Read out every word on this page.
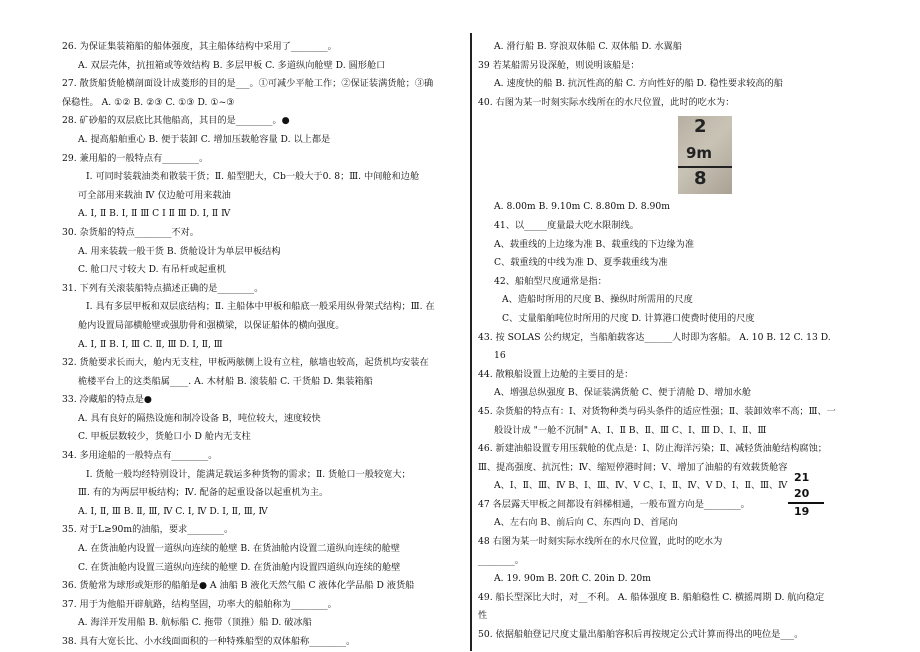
26. 为保证集装箱船的船体强度，其主船体结构中采用了________。
A. 双层壳体，抗扭箱或等效结构 B. 多层甲板 C. 多道纵向舱壁 D. 圆形舱口
27. 散货船货舱横剖面设计成菱形的目的是___。①可减少平舱工作；②保证装满货舱；③确
保稳性。 A. ①② B. ②③ C. ①③ D. ①~③
28. 矿砂船的双层底比其他船高，其目的是________。●
A. 提高船舶重心 B. 便于装卸 C. 增加压载舱容量 D. 以上都是
29. 兼用船的一般特点有________。
Ⅰ. 可同时装载油类和散装干货；Ⅱ. 船型肥大，Cb一般大于0. 8；Ⅲ. 中间舱和边舱
可全部用来载油 Ⅳ 仅边舱可用来载油
A. Ⅰ, Ⅱ B. Ⅰ, Ⅱ Ⅲ C Ⅰ Ⅱ Ⅲ D. Ⅰ, Ⅱ Ⅳ
30. 杂货船的特点________不对。
A. 用来装载一般干货 B. 货舱设计为单层甲板结构
C. 舱口尺寸较大 D. 有吊杆或起重机
31. 下列有关滚装船特点描述正确的是________。
Ⅰ. 具有多层甲板和双层底结构；Ⅱ. 主船体中甲板和船底一般采用纵骨架式结构；Ⅲ. 在
舱内设置局部横舱壁或强肋骨和强横梁，以保证船体的横向强度。
A. Ⅰ, Ⅱ B. Ⅰ, Ⅲ C. Ⅱ, Ⅲ D. Ⅰ, Ⅱ, Ⅲ
32. 货舱要求长而大，舱内无支柱，甲板两舷侧上设有立柱，舷墙也较高，起货机均安装在
桅楼平台上的这类船属____. A. 木材船 B. 滚装船 C. 干货船 D. 集装箱船
33. 冷藏船的特点是●
A. 具有良好的隔热设施和制冷设备 B，吨位较大，速度较快
C. 甲板层数较少，货舱口小 D 舱内无支柱
34. 多用途船的一般特点有________。
Ⅰ. 货舱一般均经特别设计，能满足载运多种货物的需求；Ⅱ. 货舱口一般较宽大；
Ⅲ. 有的为两层甲板结构；Ⅳ. 配备的起重设备以起重机为主。
A. Ⅰ, Ⅱ, Ⅲ B. Ⅱ, Ⅲ, Ⅳ C. Ⅰ, Ⅳ D. Ⅰ, Ⅱ, Ⅲ, Ⅳ
35. 对于L≥90m的油船，要求________。
A. 在货油舱内设置一道纵向连续的舱壁 B. 在货油舱内设置二道纵向连续的舱壁
C. 在货油舱内设置三道纵向连续的舱壁 D. 在货油舱内设置四道纵向连续的舱壁
36. 货舱常为球形或矩形的船舶是● A 油船 B 液化天然气船 C 液体化学品船 D 液货船
37. 用于为他船开辟航路，结构坚固，功率大的船舶称为________。
A. 海洋开发用船 B. 航标船 C. 拖带（顶推）船 D. 破冰船
38. 具有大宽长比、小水线面面积的一种特殊船型的双体船称________。
A. 滑行船 B. 穿浪双体船 C. 双体船 D. 水翼船
39 若某船需另设深舱，则说明该船是：
A. 速度快的船 B. 抗沉性高的船 C. 方向性好的船 D. 稳性要求较高的船
40. 右图为某一时刻实际水线所在的水尺位置，此时的吃水为：
2
9m
8
A. 8.00m B. 9.10m C. 8.80m D. 8.90m
41、以_____度量最大吃水限制线。
A、载重线的上边缘为准 B、载重线的下边缘为准
C、载重线的中线为准 D、夏季载重线为准
42、船舶型尺度通常是指：
A、造船时所用的尺度 B、操纵时所需用的尺度
C、丈量船舶吨位时所用的尺度 D. 计算港口使费时使用的尺度
43. 按 SOLAS 公约规定，当船舶载客达______人时即为客船。 A. 10 B. 12 C. 13 D.
16
44. 散粮船设置上边舱的主要目的是：
A、增强总纵强度 B、保证装满货舱 C、便于清舱 D、增加水舱
45. 杂货船的特点有：Ⅰ、对货物种类与码头条件的适应性强；Ⅱ、装卸效率不高；Ⅲ、一
般设计成 "一舱不沉制" A、Ⅰ、Ⅱ B、Ⅱ、Ⅲ C、Ⅰ、Ⅲ D、Ⅰ、Ⅱ、Ⅲ
46. 新建油船设置专用压载舱的优点是：Ⅰ、防止海洋污染；Ⅱ、减轻货油舱结构腐蚀；
Ⅲ、提高强度、抗沉性；Ⅳ、缩短停港时间；Ⅴ、增加了油船的有效载货舱容
A、Ⅰ、Ⅱ、Ⅲ、Ⅳ B、Ⅰ、Ⅲ、Ⅳ、Ⅴ C、Ⅰ、Ⅱ、Ⅳ、Ⅴ D、Ⅰ、Ⅱ、Ⅲ、Ⅳ
47 各层露天甲板之间都设有斜梯相通，一般布置方向是________。
A、左右向 B、前后向 C、东西向 D、首尾向
48 右图为某一时刻实际水线所在的水尺位置，此时的吃水为
________。
A. 19. 90m B. 20ft C. 20in D. 20m
49. 船长型深比大时，对__不利。 A. 船体强度 B. 船舶稳性 C. 横摇周期 D. 航向稳定
性
50. 依据船舶登记尺度丈量出船舶容积后再按规定公式计算而得出的吨位是___。
21
20
19
